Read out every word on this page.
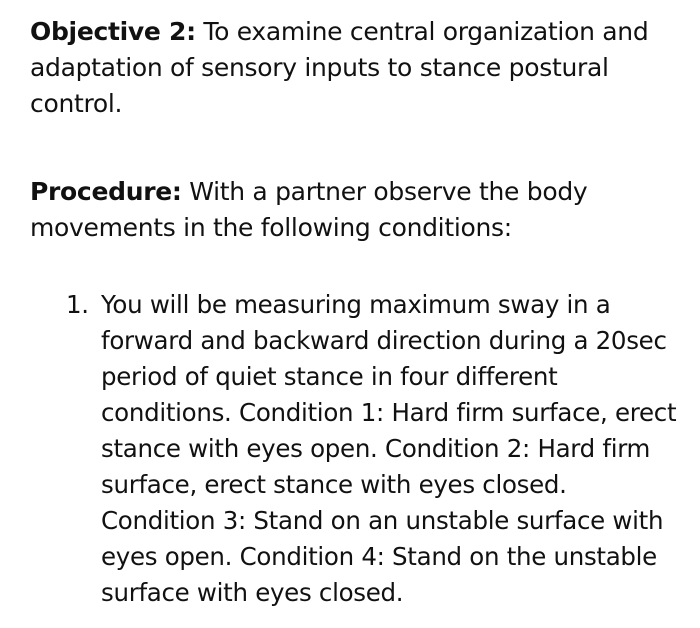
Objective 2: To examine central organization and adaptation of sensory inputs to stance postural control.

Procedure: With a partner observe the body movements in the following conditions:

1. You will be measuring maximum sway in a forward and backward direction during a 20sec period of quiet stance in four different conditions. Condition 1: Hard firm surface, erect stance with eyes open. Condition 2: Hard firm surface, erect stance with eyes closed. Condition 3: Stand on an unstable surface with eyes open. Condition 4: Stand on the unstable surface with eyes closed.
